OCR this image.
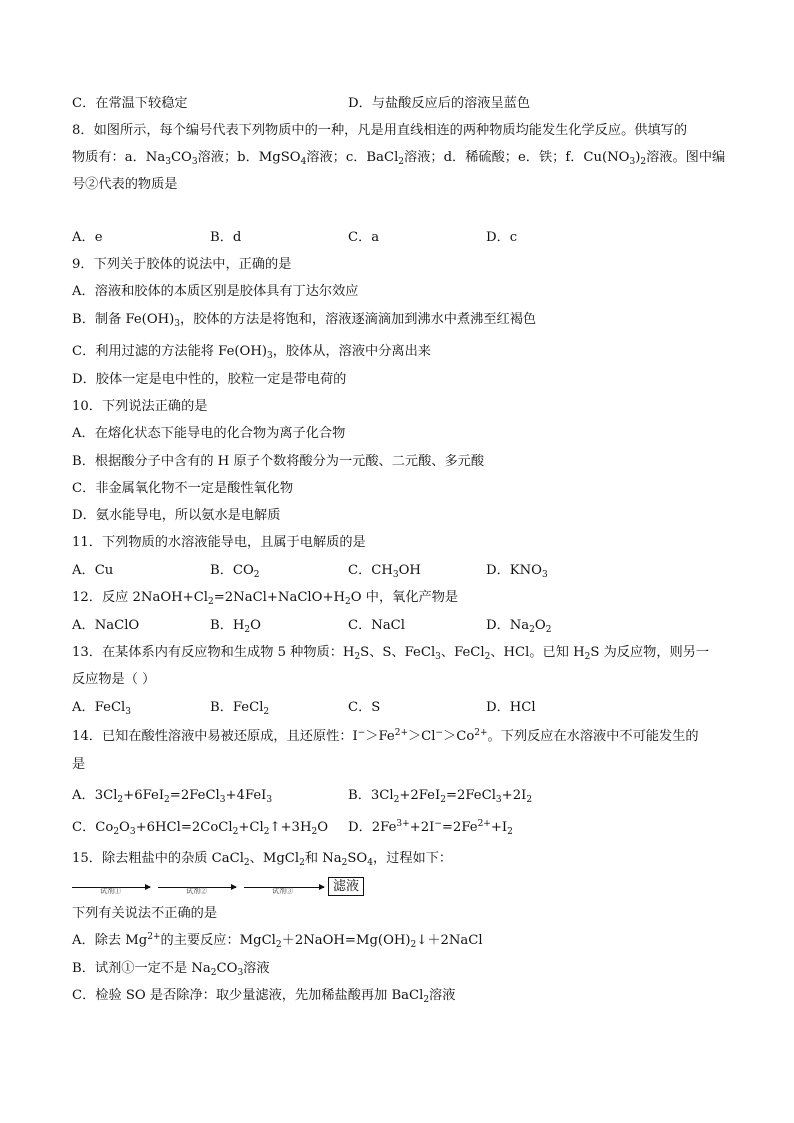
C．在常温下较稳定	D．与盐酸反应后的溶液呈蓝色
8．如图所示，每个编号代表下列物质中的一种，凡是用直线相连的两种物质均能发生化学反应。供填写的
物质有：a．$Na_3CO_3$溶液；b．MgSO$_4$溶液；c．BaCl$_2$溶液；d．稀硫酸；e．铁；f．$Cu(NO_3)_2$溶液。图中编
号②代表的物质是
A．e	B．d	C．a	D．c
9．下列关于胶体的说法中，正确的是
A．溶液和胶体的本质区别是胶体具有丁达尔效应
B．制备 $Fe(OH)_3$，胶体的方法是将饱和，溶液逐滴滴加到沸水中煮沸至红褐色
C．利用过滤的方法能将 $Fe(OH)_3$，胶体从，溶液中分离出来
D．胶体一定是电中性的，胶粒一定是带电荷的
10．下列说法正确的是
A．在熔化状态下能导电的化合物为离子化合物
B．根据酸分子中含有的 H 原子个数将酸分为一元酸、二元酸、多元酸
C．非金属氧化物不一定是酸性氧化物
D．氨水能导电，所以氨水是电解质
11．下列物质的水溶液能导电，且属于电解质的是
A．Cu	B．$CO_2$	C．$CH_3OH$	D．$KNO_3$
12．反应 $2NaOH+Cl_2=2NaCl+NaClO+H_2O$ 中，氧化产物是
A．NaClO	B．$H_2O$	C．NaCl	D．$Na_2O_2$
13．在某体系内有反应物和生成物 5 种物质：$H_2S$、S、FeCl$_3$、FeCl$_2$、HCl。已知 $H_2S$ 为反应物，则另一
反应物是（ ）
A．FeCl$_3$	B．FeCl$_2$	C．S	D．HCl
14．已知在酸性溶液中易被还原成，且还原性：$I^->Fe^{2+}>Cl^->Co^{2+}$。下列反应在水溶液中不可能发生的
是
A．$3Cl_2+6FeI_2=2FeCl_3+4FeI_3$	B．$3Cl_2+2FeI_2=2FeCl_3+2I_2$
C．$Co_2O_3+6HCl=2CoCl_2+Cl_2↑+3H_2O$ D．$2Fe^{3+}+2I^-=2Fe^{2+}+I_2$
15．除去粗盐中的杂质 CaCl$_2$、MgCl$_2$和 $Na_2SO_4$，过程如下：
试剂①	试剂②	试剂③	滤液
下列有关说法不正确的是
A．除去 $Mg^{2+}$的主要反应：$MgCl_2+2NaOH=Mg(OH)_2↓+2NaCl$
B．试剂①一定不是 $Na_2CO_3$溶液
C．检验 SO 是否除净：取少量滤液，先加稀盐酸再加 BaCl$_2$溶液
